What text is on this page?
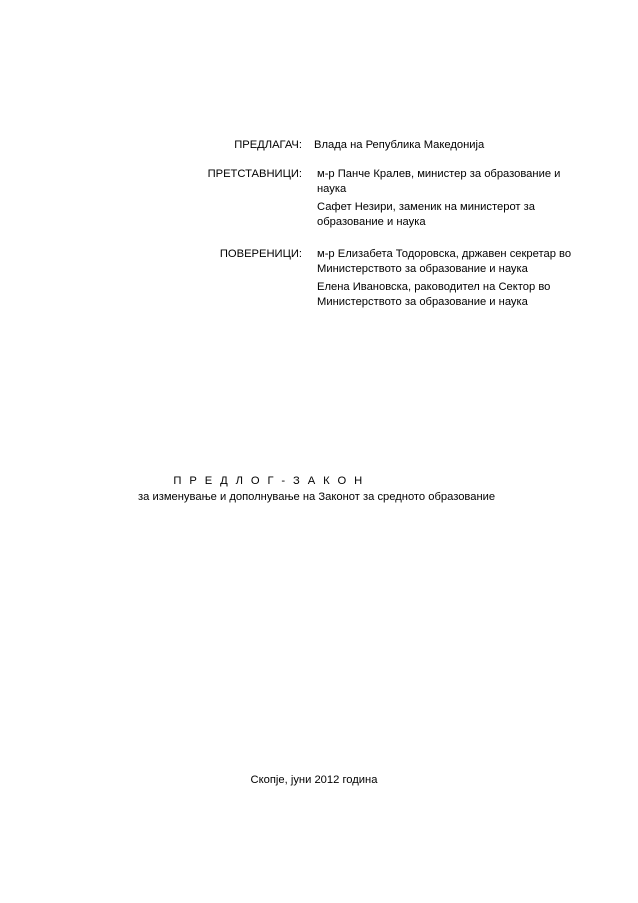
ПРЕДЛАГАЧ: Влада на Република Македонија
ПРЕТСТАВНИЦИ: м-р Панче Кралев, министер за образование и наука
Сафет Незири, заменик на министерот за образование и наука
ПОВЕРЕНИЦИ: м-р Елизабета Тодоровска, државен секретар во Министерството за образование и наука
Елена Ивановска, раководител на Сектор во Министерството за образование и наука
П Р Е Д Л О Г - З А К О Н
за изменување и дополнување на Законот за средното образование
Скопје, јуни 2012 година
